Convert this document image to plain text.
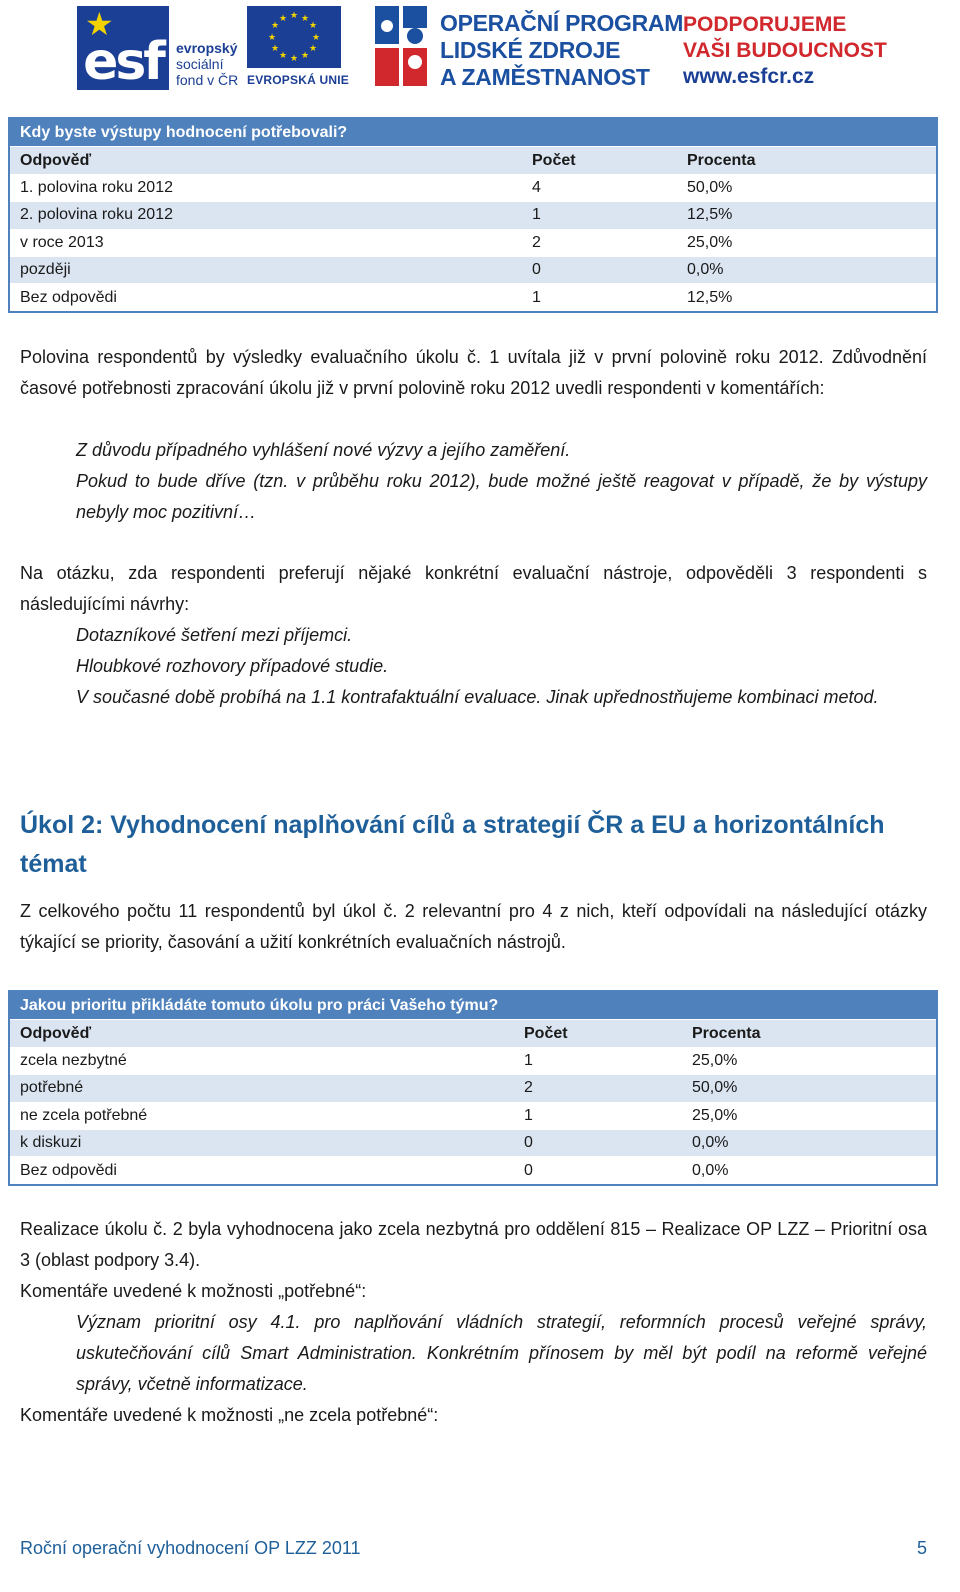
★
esf evropský
sociální
fond v ČR
★ ★
★
★
★
★
★
★
★
★
★
★
EVROPSKÁ UNIE
OPERAČNÍ PROGRAM
LIDSKÉ ZDROJE
A ZAMĚSTNANOST
PODPORUJEME
VAŠI BUDOUCNOST
www.esfcr.cz
Kdy byste výstupy hodnocení potřebovali?
Odpověď	Počet	Procenta
1. polovina roku 2012	4	50,0%
2. polovina roku 2012	1	12,5%
v roce 2013	2	25,0%
později	0	0,0%
Bez odpovědi	1	12,5%
Polovina respondentů by výsledky evaluačního úkolu č. 1 uvítala již v první polovině roku 2012. Zdůvodnění časové potřebnosti zpracování úkolu již v první polovině roku 2012 uvedli respondenti v komentářích:
Z důvodu případného vyhlášení nové výzvy a jejího zaměření.
Pokud to bude dříve (tzn. v průběhu roku 2012), bude možné ještě reagovat v případě, že by výstupy nebyly moc pozitivní…
Na otázku, zda respondenti preferují nějaké konkrétní evaluační nástroje, odpověděli 3 respondenti s následujícími návrhy:
Dotazníkové šetření mezi příjemci.
Hloubkové rozhovory případové studie.
V současné době probíhá na 1.1 kontrafaktuální evaluace. Jinak upřednostňujeme kombinaci metod.
Úkol 2: Vyhodnocení naplňování cílů a strategií ČR a EU a horizontálních témat
Z celkového počtu 11 respondentů byl úkol č. 2 relevantní pro 4 z nich, kteří odpovídali na následující otázky týkající se priority, časování a užití konkrétních evaluačních nástrojů.
Jakou prioritu přikládáte tomuto úkolu pro práci Vašeho týmu?
Odpověď	Počet	Procenta
zcela nezbytné	1	25,0%
potřebné	2	50,0%
ne zcela potřebné	1	25,0%
k diskuzi	0	0,0%
Bez odpovědi	0	0,0%
Realizace úkolu č. 2 byla vyhodnocena jako zcela nezbytná pro oddělení 815 – Realizace OP LZZ – Prioritní osa 3 (oblast podpory 3.4).
Komentáře uvedené k možnosti „potřebné“:
Význam prioritní osy 4.1. pro naplňování vládních strategií, reformních procesů veřejné správy, uskutečňování cílů Smart Administration. Konkrétním přínosem by měl být podíl na reformě veřejné správy, včetně informatizace.
Komentáře uvedené k možnosti „ne zcela potřebné“:
Roční operační vyhodnocení OP LZZ 2011	5
